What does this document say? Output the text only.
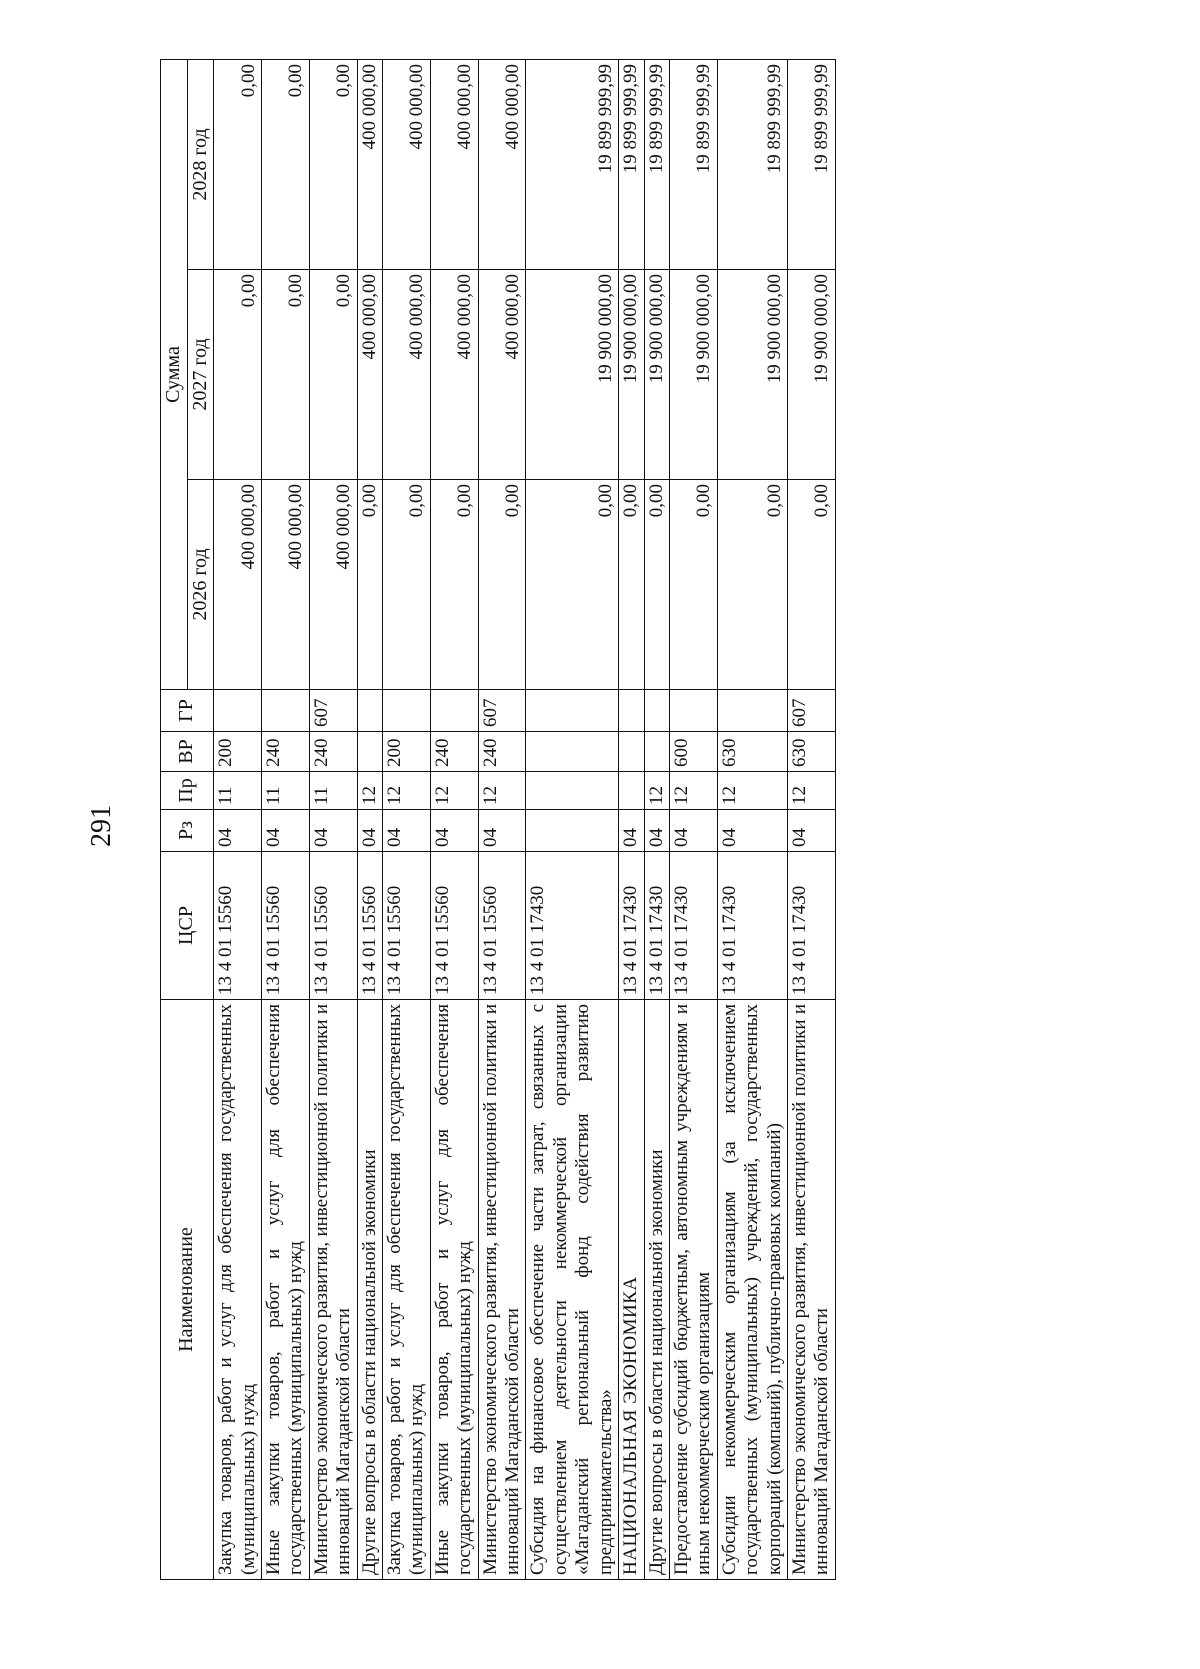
291
Наименование	ЦСР	Рз	Пр	ВР	ГР	Сумма		
						2026 год	2027 год	2028 год
Закупка товаров, работ и услуг для обеспечения государственных (муниципальных) нужд	13 4 01 15560	04	11	200		400 000,00	0,00	0,00
Иные закупки товаров, работ и услуг для обеспечения государственных (муниципальных) нужд	13 4 01 15560	04	11	240		400 000,00	0,00	0,00
Министерство экономического развития, инвестиционной политики и инноваций Магаданской области	13 4 01 15560	04	11	240	607	400 000,00	0,00	0,00
Другие вопросы в области национальной экономики	13 4 01 15560	04	12			0,00	400 000,00	400 000,00
Закупка товаров, работ и услуг для обеспечения государственных (муниципальных) нужд	13 4 01 15560	04	12	200		0,00	400 000,00	400 000,00
Иные закупки товаров, работ и услуг для обеспечения государственных (муниципальных) нужд	13 4 01 15560	04	12	240		0,00	400 000,00	400 000,00
Министерство экономического развития, инвестиционной политики и инноваций Магаданской области	13 4 01 15560	04	12	240	607	0,00	400 000,00	400 000,00
Субсидия на финансовое обеспечение части затрат, связанных с осуществлением деятельности некоммерческой организации «Магаданский региональный фонд содействия развитию предпринимательства»	13 4 01 17430					0,00	19 900 000,00	19 899 999,99
НАЦИОНАЛЬНАЯ ЭКОНОМИКА	13 4 01 17430	04				0,00	19 900 000,00	19 899 999,99
Другие вопросы в области национальной экономики	13 4 01 17430	04	12			0,00	19 900 000,00	19 899 999,99
Предоставление субсидий бюджетным, автономным учреждениям и иным некоммерческим организациям	13 4 01 17430	04	12	600		0,00	19 900 000,00	19 899 999,99
Субсидии некоммерческим организациям (за исключением государственных (муниципальных) учреждений, государственных корпораций (компаний), публично-правовых компаний)	13 4 01 17430	04	12	630		0,00	19 900 000,00	19 899 999,99
Министерство экономического развития, инвестиционной политики и инноваций Магаданской области	13 4 01 17430	04	12	630	607	0,00	19 900 000,00	19 899 999,99
